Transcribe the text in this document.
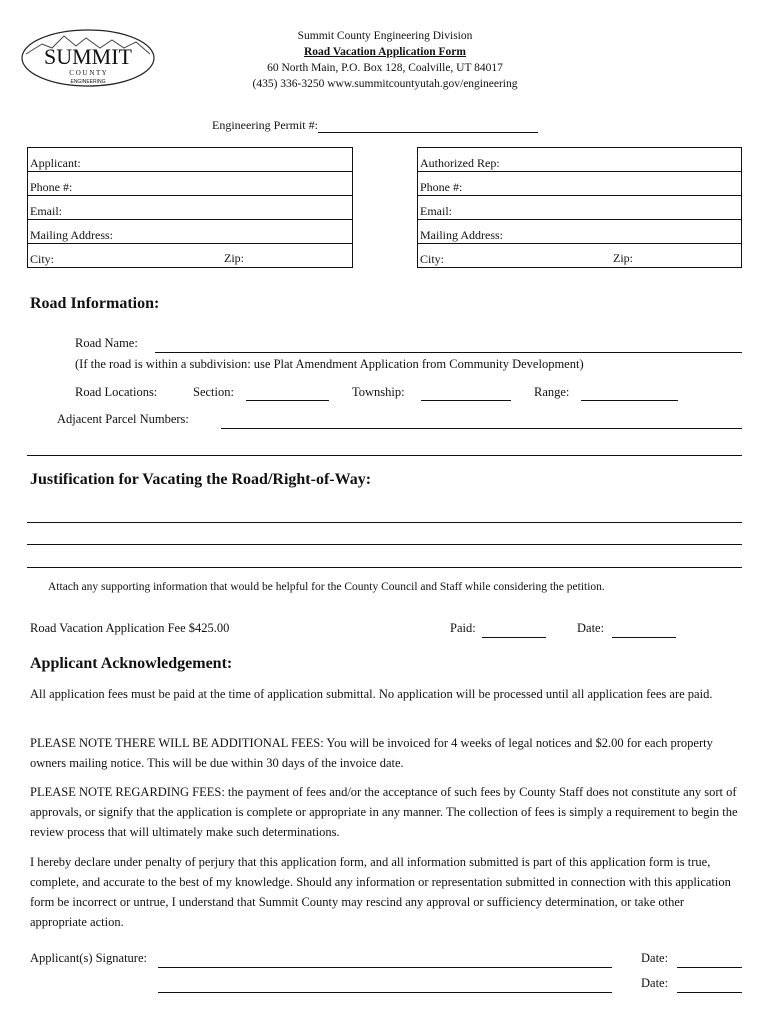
SUMMIT
C O U N T Y
ENGINEERING
Summit County Engineering Division
Road Vacation Application Form
60 North Main, P.O. Box 128, Coalville, UT 84017
(435) 336-3250 www.summitcountyutah.gov/engineering
Engineering Permit #:
Applicant:
Phone #:
Email:
Mailing Address:
City:	Zip:
Authorized Rep:
Phone #:
Email:
Mailing Address:
City:	Zip:
Road Information:
Road Name:
(If the road is within a subdivision: use Plat Amendment Application from Community Development)
Road Locations:	Section:	Township:	Range:
Adjacent Parcel Numbers:
Justification for Vacating the Road/Right-of-Way:
Attach any supporting information that would be helpful for the County Council and Staff while considering the petition.
Road Vacation Application Fee $425.00	Paid:	Date:
Applicant Acknowledgement:
All application fees must be paid at the time of application submittal. No application will be processed until all application fees are paid.
PLEASE NOTE THERE WILL BE ADDITIONAL FEES: You will be invoiced for 4 weeks of legal notices and $2.00 for each property owners mailing notice. This will be due within 30 days of the invoice date.
PLEASE NOTE REGARDING FEES: the payment of fees and/or the acceptance of such fees by County Staff does not constitute any sort of approvals, or signify that the application is complete or appropriate in any manner. The collection of fees is simply a requirement to begin the review process that will ultimately make such determinations.
I hereby declare under penalty of perjury that this application form, and all information submitted is part of this application form is true, complete, and accurate to the best of my knowledge. Should any information or representation submitted in connection with this application form be incorrect or untrue, I understand that Summit County may rescind any approval or sufficiency determination, or take other appropriate action.
Applicant(s) Signature:	Date:
Date:
